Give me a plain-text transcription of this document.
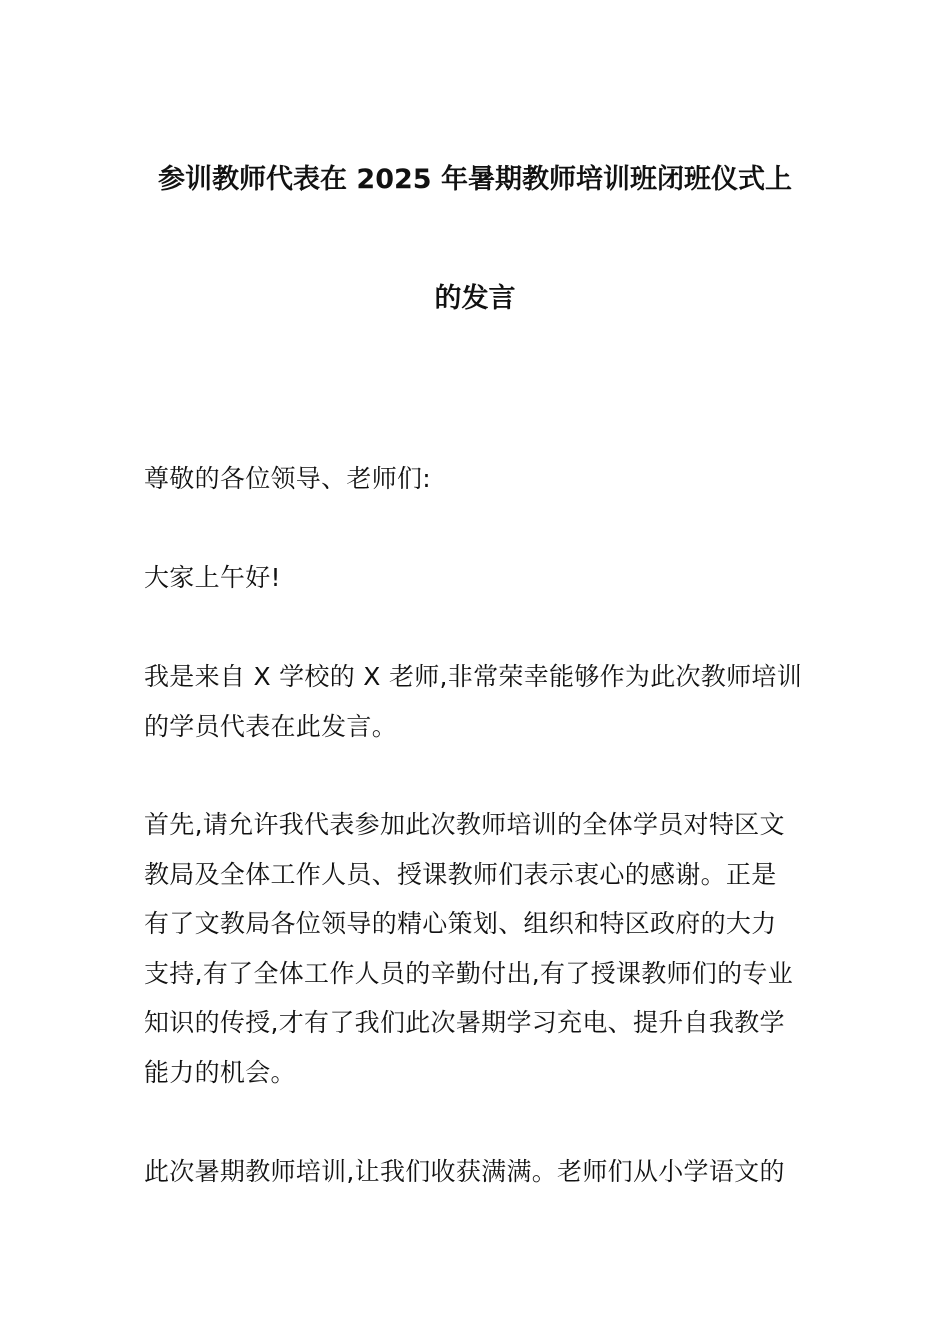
参训教师代表在 2025 年暑期教师培训班闭班仪式上
的发言

尊敬的各位领导、老师们:

大家上午好!

我是来自 X 学校的 X 老师,非常荣幸能够作为此次教师培训

的学员代表在此发言。

首先,请允许我代表参加此次教师培训的全体学员对特区文

教局及全体工作人员、授课教师们表示衷心的感谢。正是

有了文教局各位领导的精心策划、组织和特区政府的大力

支持,有了全体工作人员的辛勤付出,有了授课教师们的专业

知识的传授,才有了我们此次暑期学习充电、提升自我教学

能力的机会。

此次暑期教师培训,让我们收获满满。老师们从小学语文的
